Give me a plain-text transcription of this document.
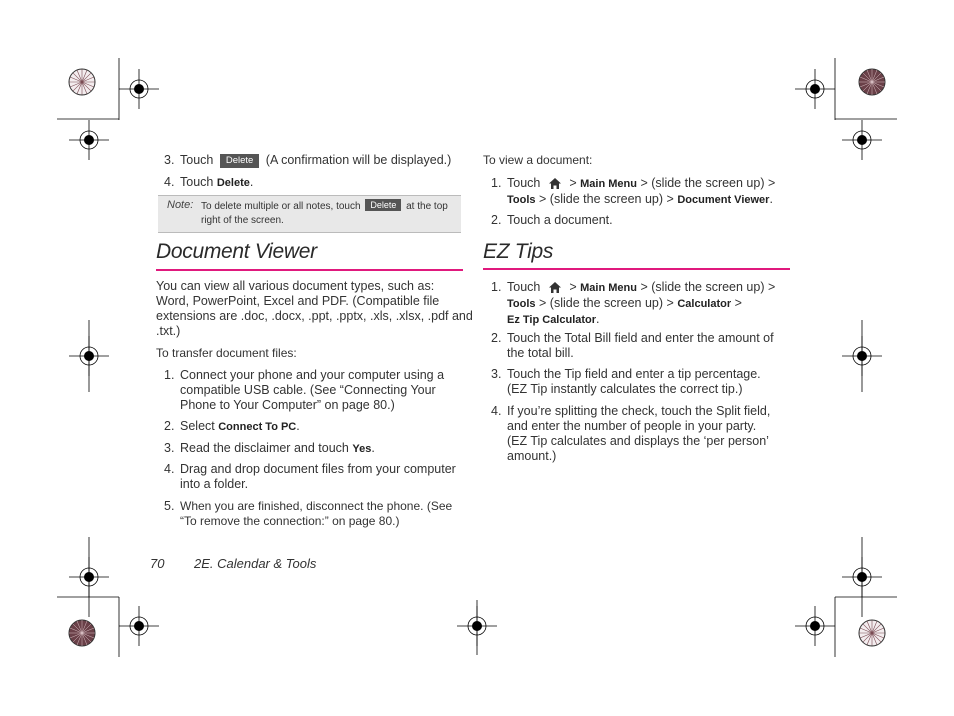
3. Touch Delete (A confirmation will be displayed.)
4. Touch Delete.
Note: To delete multiple or all notes, touch Delete at the top
right of the screen.
Document Viewer
You can view all various document types, such as:
Word, PowerPoint, Excel and PDF. (Compatible file
extensions are .doc, .docx, .ppt, .pptx, .xls, .xlsx, .pdf and
.txt.)
To transfer document files:
1. Connect your phone and your computer using a
compatible USB cable. (See “Connecting Your
Phone to Your Computer” on page 80.)
2. Select Connect To PC.
3. Read the disclaimer and touch Yes.
4. Drag and drop document files from your computer
into a folder.
5. When you are finished, disconnect the phone. (See
“To remove the connection:” on page 80.)
To view a document:
1. Touch > Main Menu > (slide the screen up) >
Tools > (slide the screen up) > Document Viewer.
2. Touch a document.
EZ Tips
1. Touch > Main Menu > (slide the screen up) >
Tools > (slide the screen up) > Calculator >
Ez Tip Calculator.
2. Touch the Total Bill field and enter the amount of
the total bill.
3. Touch the Tip field and enter a tip percentage.
(EZ Tip instantly calculates the correct tip.)
4. If you’re splitting the check, touch the Split field,
and enter the number of people in your party.
(EZ Tip calculates and displays the ‘per person’
amount.)
70 2E. Calendar & Tools
